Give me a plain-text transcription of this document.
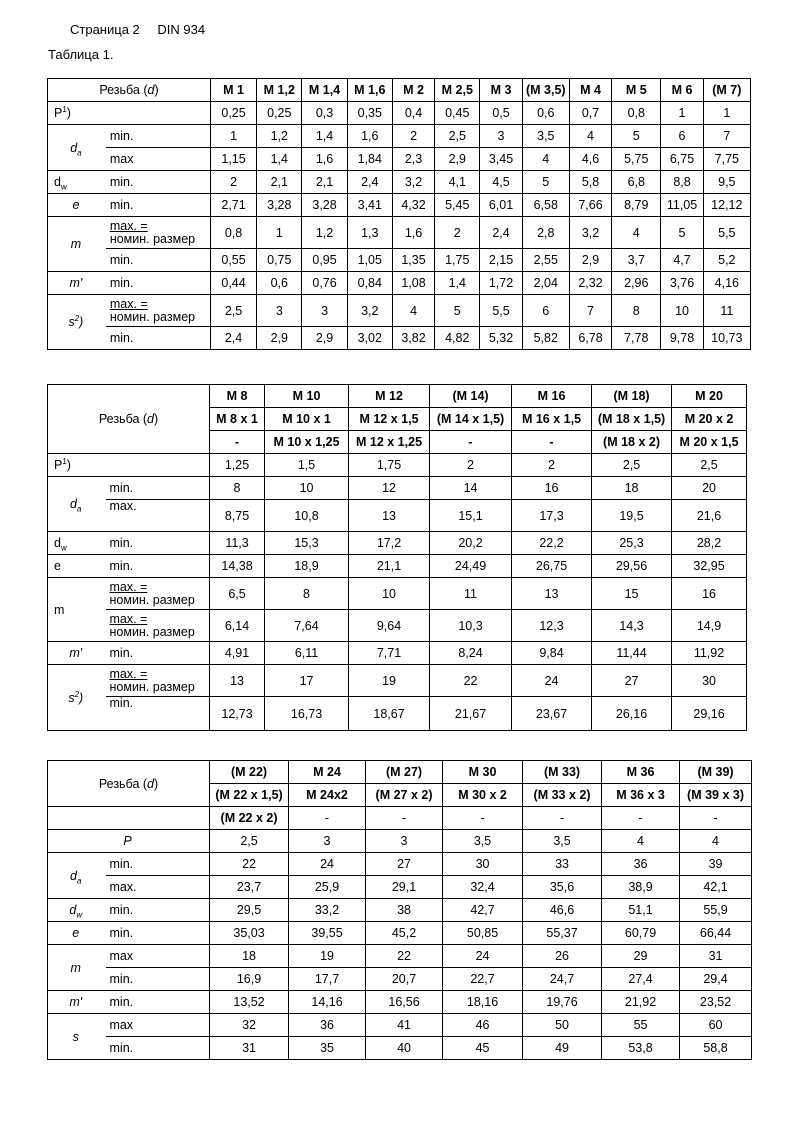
Страница 2 DIN 934
Таблица 1.
Резьба (d)		M 1	M 1,2	M 1,4	M 1,6	M 2	M 2,5	M 3	(M 3,5)	M 4	M 5	M 6	(M 7)
$P^1$)		0,25	0,25	0,3	0,35	0,4	0,45	0,5	0,6	0,7	0,8	1	1
$d_a$	min.	1	1,2	1,4	1,6	2	2,5	3	3,5	4	5	6	7
	max	1,15	1,4	1,6	1,84	2,3	2,9	3,45	4	4,6	5,75	6,75	7,75
$d_w$	min.	2	2,1	2,1	2,4	3,2	4,1	4,5	5	5,8	6,8	8,8	9,5
e	min.	2,71	3,28	3,28	3,41	4,32	5,45	6,01	6,58	7,66	8,79	11,05	12,12
m	max. =
номин. размер	0,8	1	1,2	1,3	1,6	2	2,4	2,8	3,2	4	5	5,5
	min.	0,55	0,75	0,95	1,05	1,35	1,75	2,15	2,55	2,9	3,7	4,7	5,2
m'	min.	0,44	0,6	0,76	0,84	1,08	1,4	1,72	2,04	2,32	2,96	3,76	4,16
$s^2$)	max. =
номин. размер	2,5	3	3	3,2	4	5	5,5	6	7	8	10	11
	min.	2,4	2,9	2,9	3,02	3,82	4,82	5,32	5,82	6,78	7,78	9,78	10,73
Резьба (d)		M 8	M 10	M 12	(M 14)	M 16	(M 18)	M 20
		M 8 x 1	M 10 x 1	M 12 x 1,5	(M 14 x 1,5)	M 16 x 1,5	(M 18 x 1,5)	M 20 x 2
		-	M 10 x 1,25	M 12 x 1,25	-	-	(M 18 x 2)	M 20 x 1,5
$P^1$)		1,25	1,5	1,75	2	2	2,5	2,5
$d_a$	min.	8	10	12	14	16	18	20
	max.	8,75	10,8	13	15,1	17,3	19,5	21,6
$d_w$	min.	11,3	15,3	17,2	20,2	22,2	25,3	28,2
e	min.	14,38	18,9	21,1	24,49	26,75	29,56	32,95
m	max. =
номин. размер	6,5	8	10	11	13	15	16

	max. =
номин. размер	6,14	7,64	9,64	10,3	12,3	14,3	14,9
m'	min.	4,91	6,11	7,71	8,24	9,84	11,44	11,92
$s^2$)	max. =
номин. размер	13	17	19	22	24	27	30
	min.	12,73	16,73	18,67	21,67	23,67	26,16	29,16
Резьба (d)		(M 22)	M 24	(M 27)	M 30	(M 33)	M 36	(M 39)
		(M 22 x 1,5)	M 24x2	(M 27 x 2)	M 30 x 2	(M 33 x 2)	M 36 x 3	(M 39 x 3)
		(M 22 x 2)	-	-	-	-	-	-
P		2,5	3	3	3,5	3,5	4	4
$d_a$	min.	22	24	27	30	33	36	39
	max.	23,7	25,9	29,1	32,4	35,6	38,9	42,1
$d_w$	min.	29,5	33,2	38	42,7	46,6	51,1	55,9
e	min.	35,03	39,55	45,2	50,85	55,37	60,79	66,44
m	max	18	19	22	24	26	29	31
	min.	16,9	17,7	20,7	22,7	24,7	27,4	29,4
m'	min.	13,52	14,16	16,56	18,16	19,76	21,92	23,52
s	max	32	36	41	46	50	55	60
	min.	31	35	40	45	49	53,8	58,8
